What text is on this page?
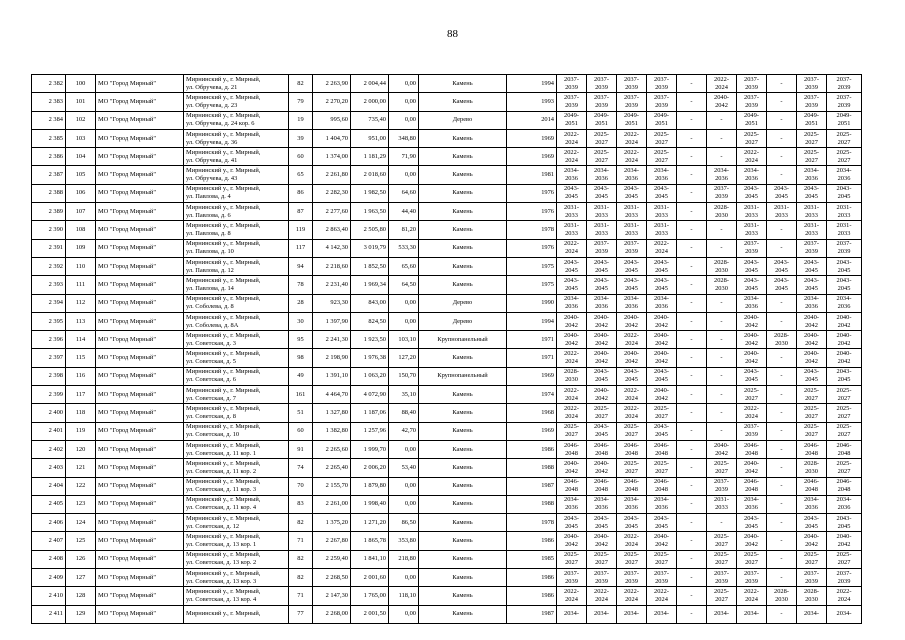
88
2 382	100	МО "Город Мирный"	Мирнинский у., г. Мирный,
ул. Обручева, д. 21	82	2 263,90	2 004,44	0,00	Камень	1994	2037-
2039	2037-
2039	2037-
2039	2037-
2039	-	2022-
2024	2037-
2039	-	2037-
2039	2037-
2039

2 383	101	МО "Город Мирный"	Мирнинский у., г. Мирный,
ул. Обручева, д. 23	79	2 270,20	2 000,00	0,00	Камень	1993	2037-
2039	2037-
2039	2037-
2039	2037-
2039	-	2040-
2042	2037-
2039	-	2037-
2039	2037-
2039

2 384	102	МО "Город Мирный"	Мирнинский у., г. Мирный,
ул. Обручева, д. 24 кор. 6	19	995,60	735,40	0,00	Дерево	2014	2049-
2051	2049-
2051	2049-
2051	2049-
2051	-	-	2049-
2051	-	2049-
2051	2049-
2051

2 385	103	МО "Город Мирный"	Мирнинский у., г. Мирный,
ул. Обручева, д. 36	39	1 404,70	951,00	348,80	Камень	1969	2022-
2024	2025-
2027	2022-
2024	2025-
2027	-	-	2025-
2027	-	2025-
2027	2025-
2027

2 386	104	МО "Город Мирный"	Мирнинский у., г. Мирный,
ул. Обручева, д. 41	60	1 374,00	1 181,29	71,90	Камень	1969	2022-
2024	2025-
2027	2022-
2024	2025-
2027	-	-	2022-
2024	-	2025-
2027	2025-
2027

2 387	105	МО "Город Мирный"	Мирнинский у., г. Мирный,
ул. Обручева, д. 43	65	2 261,80	2 018,60	0,00	Камень	1981	2034-
2036	2034-
2036	2034-
2036	2034-
2036	-	2034-
2036	2034-
2036	-	2034-
2036	2034-
2036

2 388	106	МО "Город Мирный"	Мирнинский у., г. Мирный,
ул. Павлова, д. 4	86	2 282,30	1 982,50	64,60	Камень	1976	2043-
2045	2043-
2045	2043-
2045	2043-
2045	-	2037-
2039	2043-
2045	2043-
2045	2043-
2045	2043-
2045

2 389	107	МО "Город Мирный"	Мирнинский у., г. Мирный,
ул. Павлова, д. 6	87	2 277,60	1 963,50	44,40	Камень	1976	2031-
2033	2031-
2033	2031-
2033	2031-
2033	-	2028-
2030	2031-
2033	2031-
2033	2031-
2033	2031-
2033

2 390	108	МО "Город Мирный"	Мирнинский у., г. Мирный,
ул. Павлова, д. 8	119	2 863,40	2 505,80	81,20	Камень	1978	2031-
2033	2031-
2033	2031-
2033	2031-
2033	-	-	2031-
2033	-	2031-
2033	2031-
2033

2 391	109	МО "Город Мирный"	Мирнинский у., г. Мирный,
ул. Павлова, д. 10	117	4 142,30	3 019,79	533,30	Камень	1976	2022-
2024	2037-
2039	2037-
2039	2022-
2024	-	-	2037-
2039	-	2037-
2039	2037-
2039

2 392	110	МО "Город Мирный"	Мирнинский у., г. Мирный,
ул. Павлова, д. 12	94	2 218,60	1 852,50	65,60	Камень	1975	2043-
2045	2043-
2045	2043-
2045	2043-
2045	-	2028-
2030	2043-
2045	2043-
2045	2043-
2045	2043-
2045

2 393	111	МО "Город Мирный"	Мирнинский у., г. Мирный,
ул. Павлова, д. 14	78	2 231,40	1 969,34	64,50	Камень	1975	2043-
2045	2043-
2045	2043-
2045	2043-
2045	-	2028-
2030	2043-
2045	2043-
2045	2043-
2045	2043-
2045

2 394	112	МО "Город Мирный"	Мирнинский у., г. Мирный,
ул. Соболева, д. 8	28	923,30	843,00	0,00	Дерево	1990	2034-
2036	2034-
2036	2034-
2036	2034-
2036	-	-	2034-
2036	-	2034-
2036	2034-
2036

2 395	113	МО "Город Мирный"	Мирнинский у., г. Мирный,
ул. Соболева, д. 8А	30	1 397,90	824,50	0,00	Дерево	1994	2040-
2042	2040-
2042	2040-
2042	2040-
2042	-	-	2040-
2042	-	2040-
2042	2040-
2042

2 396	114	МО "Город Мирный"	Мирнинский у., г. Мирный,
ул. Советская, д. 3	95	2 241,30	1 923,50	103,10	Крупнопанельный	1971	2040-
2042	2040-
2042	2022-
2024	2040-
2042	-	-	2040-
2042	2028-
2030	2040-
2042	2040-
2042

2 397	115	МО "Город Мирный"	Мирнинский у., г. Мирный,
ул. Советская, д. 5	98	2 198,90	1 976,38	127,20	Камень	1971	2022-
2024	2040-
2042	2040-
2042	2040-
2042	-	-	2040-
2042	-	2040-
2042	2040-
2042

2 398	116	МО "Город Мирный"	Мирнинский у., г. Мирный,
ул. Советская, д. 6	49	1 391,10	1 063,20	150,70	Крупнопанельный	1969	2028-
2030	2043-
2045	2043-
2045	2043-
2045	-	-	2043-
2045	-	2043-
2045	2043-
2045

2 399	117	МО "Город Мирный"	Мирнинский у., г. Мирный,
ул. Советская, д. 7	161	4 464,70	4 072,90	35,10	Камень	1974	2022-
2024	2040-
2042	2022-
2024	2040-
2042	-	-	2025-
2027	-	2025-
2027	2025-
2027

2 400	118	МО "Город Мирный"	Мирнинский у., г. Мирный,
ул. Советская, д. 8	51	1 327,80	1 187,06	88,40	Камень	1968	2022-
2024	2025-
2027	2022-
2024	2025-
2027	-	-	2022-
2024	-	2025-
2027	2025-
2027

2 401	119	МО "Город Мирный"	Мирнинский у., г. Мирный,
ул. Советская, д. 10	60	1 382,80	1 257,96	42,70	Камень	1969	2025-
2027	2043-
2045	2025-
2027	2043-
2045	-	-	2037-
2039	-	2025-
2027	2025-
2027

2 402	120	МО "Город Мирный"	Мирнинский у., г. Мирный,
ул. Советская, д. 11 кор. 1	91	2 265,60	1 999,70	0,00	Камень	1986	2046-
2048	2046-
2048	2046-
2048	2046-
2048	-	2040-
2042	2046-
2048	-	2046-
2048	2046-
2048

2 403	121	МО "Город Мирный"	Мирнинский у., г. Мирный,
ул. Советская, д. 11 кор. 2	74	2 265,40	2 006,20	53,40	Камень	1988	2040-
2042	2040-
2042	2025-
2027	2025-
2027	-	2025-
2027	2040-
2042	-	2028-
2030	2025-
2027

2 404	122	МО "Город Мирный"	Мирнинский у., г. Мирный,
ул. Советская, д. 11 кор. 3	70	2 155,70	1 879,80	0,00	Камень	1987	2046-
2048	2046-
2048	2046-
2048	2046-
2048	-	2037-
2039	2046-
2048	-	2046-
2048	2046-
2048

2 405	123	МО "Город Мирный"	Мирнинский у., г. Мирный,
ул. Советская, д. 11 кор. 4	83	2 261,00	1 998,40	0,00	Камень	1988	2034-
2036	2034-
2036	2034-
2036	2034-
2036	-	2031-
2033	2034-
2036	-	2034-
2036	2034-
2036

2 406	124	МО "Город Мирный"	Мирнинский у., г. Мирный,
ул. Советская, д. 12	82	1 375,20	1 271,20	86,50	Камень	1978	2043-
2045	2043-
2045	2043-
2045	2043-
2045	-	-	2043-
2045	-	2043-
2045	2043-
2045

2 407	125	МО "Город Мирный"	Мирнинский у., г. Мирный,
ул. Советская, д. 13 кор. 1	71	2 267,80	1 865,78	353,80	Камень	1986	2040-
2042	2040-
2042	2022-
2024	2040-
2042	-	2025-
2027	2040-
2042	-	2040-
2042	2040-
2042

2 408	126	МО "Город Мирный"	Мирнинский у., г. Мирный,
ул. Советская, д. 13 кор. 2	82	2 259,40	1 841,10	218,80	Камень	1985	2025-
2027	2025-
2027	2025-
2027	2025-
2027	-	2025-
2027	2025-
2027	-	2025-
2027	2025-
2027

2 409	127	МО "Город Мирный"	Мирнинский у., г. Мирный,
ул. Советская, д. 13 кор. 3	82	2 268,50	2 001,60	0,00	Камень	1986	2037-
2039	2037-
2039	2037-
2039	2037-
2039	-	2037-
2039	2037-
2039	-	2037-
2039	2037-
2039

2 410	128	МО "Город Мирный"	Мирнинский у., г. Мирный,
ул. Советская, д. 13 кор. 4	71	2 147,30	1 765,00	118,10	Камень	1986	2022-
2024	2022-
2024	2022-
2024	2022-
2024	-	2025-
2027	2022-
2024	2028-
2030	2028-
2030	2022-
2024

2 411	129	МО "Город Мирный"	Мирнинский у., г. Мирный,	77	2 268,00	2 001,50	0,00	Камень	1987	2034-	2034-	2034-	2034-	-	2034-	2034-	-	2034-	2034-
